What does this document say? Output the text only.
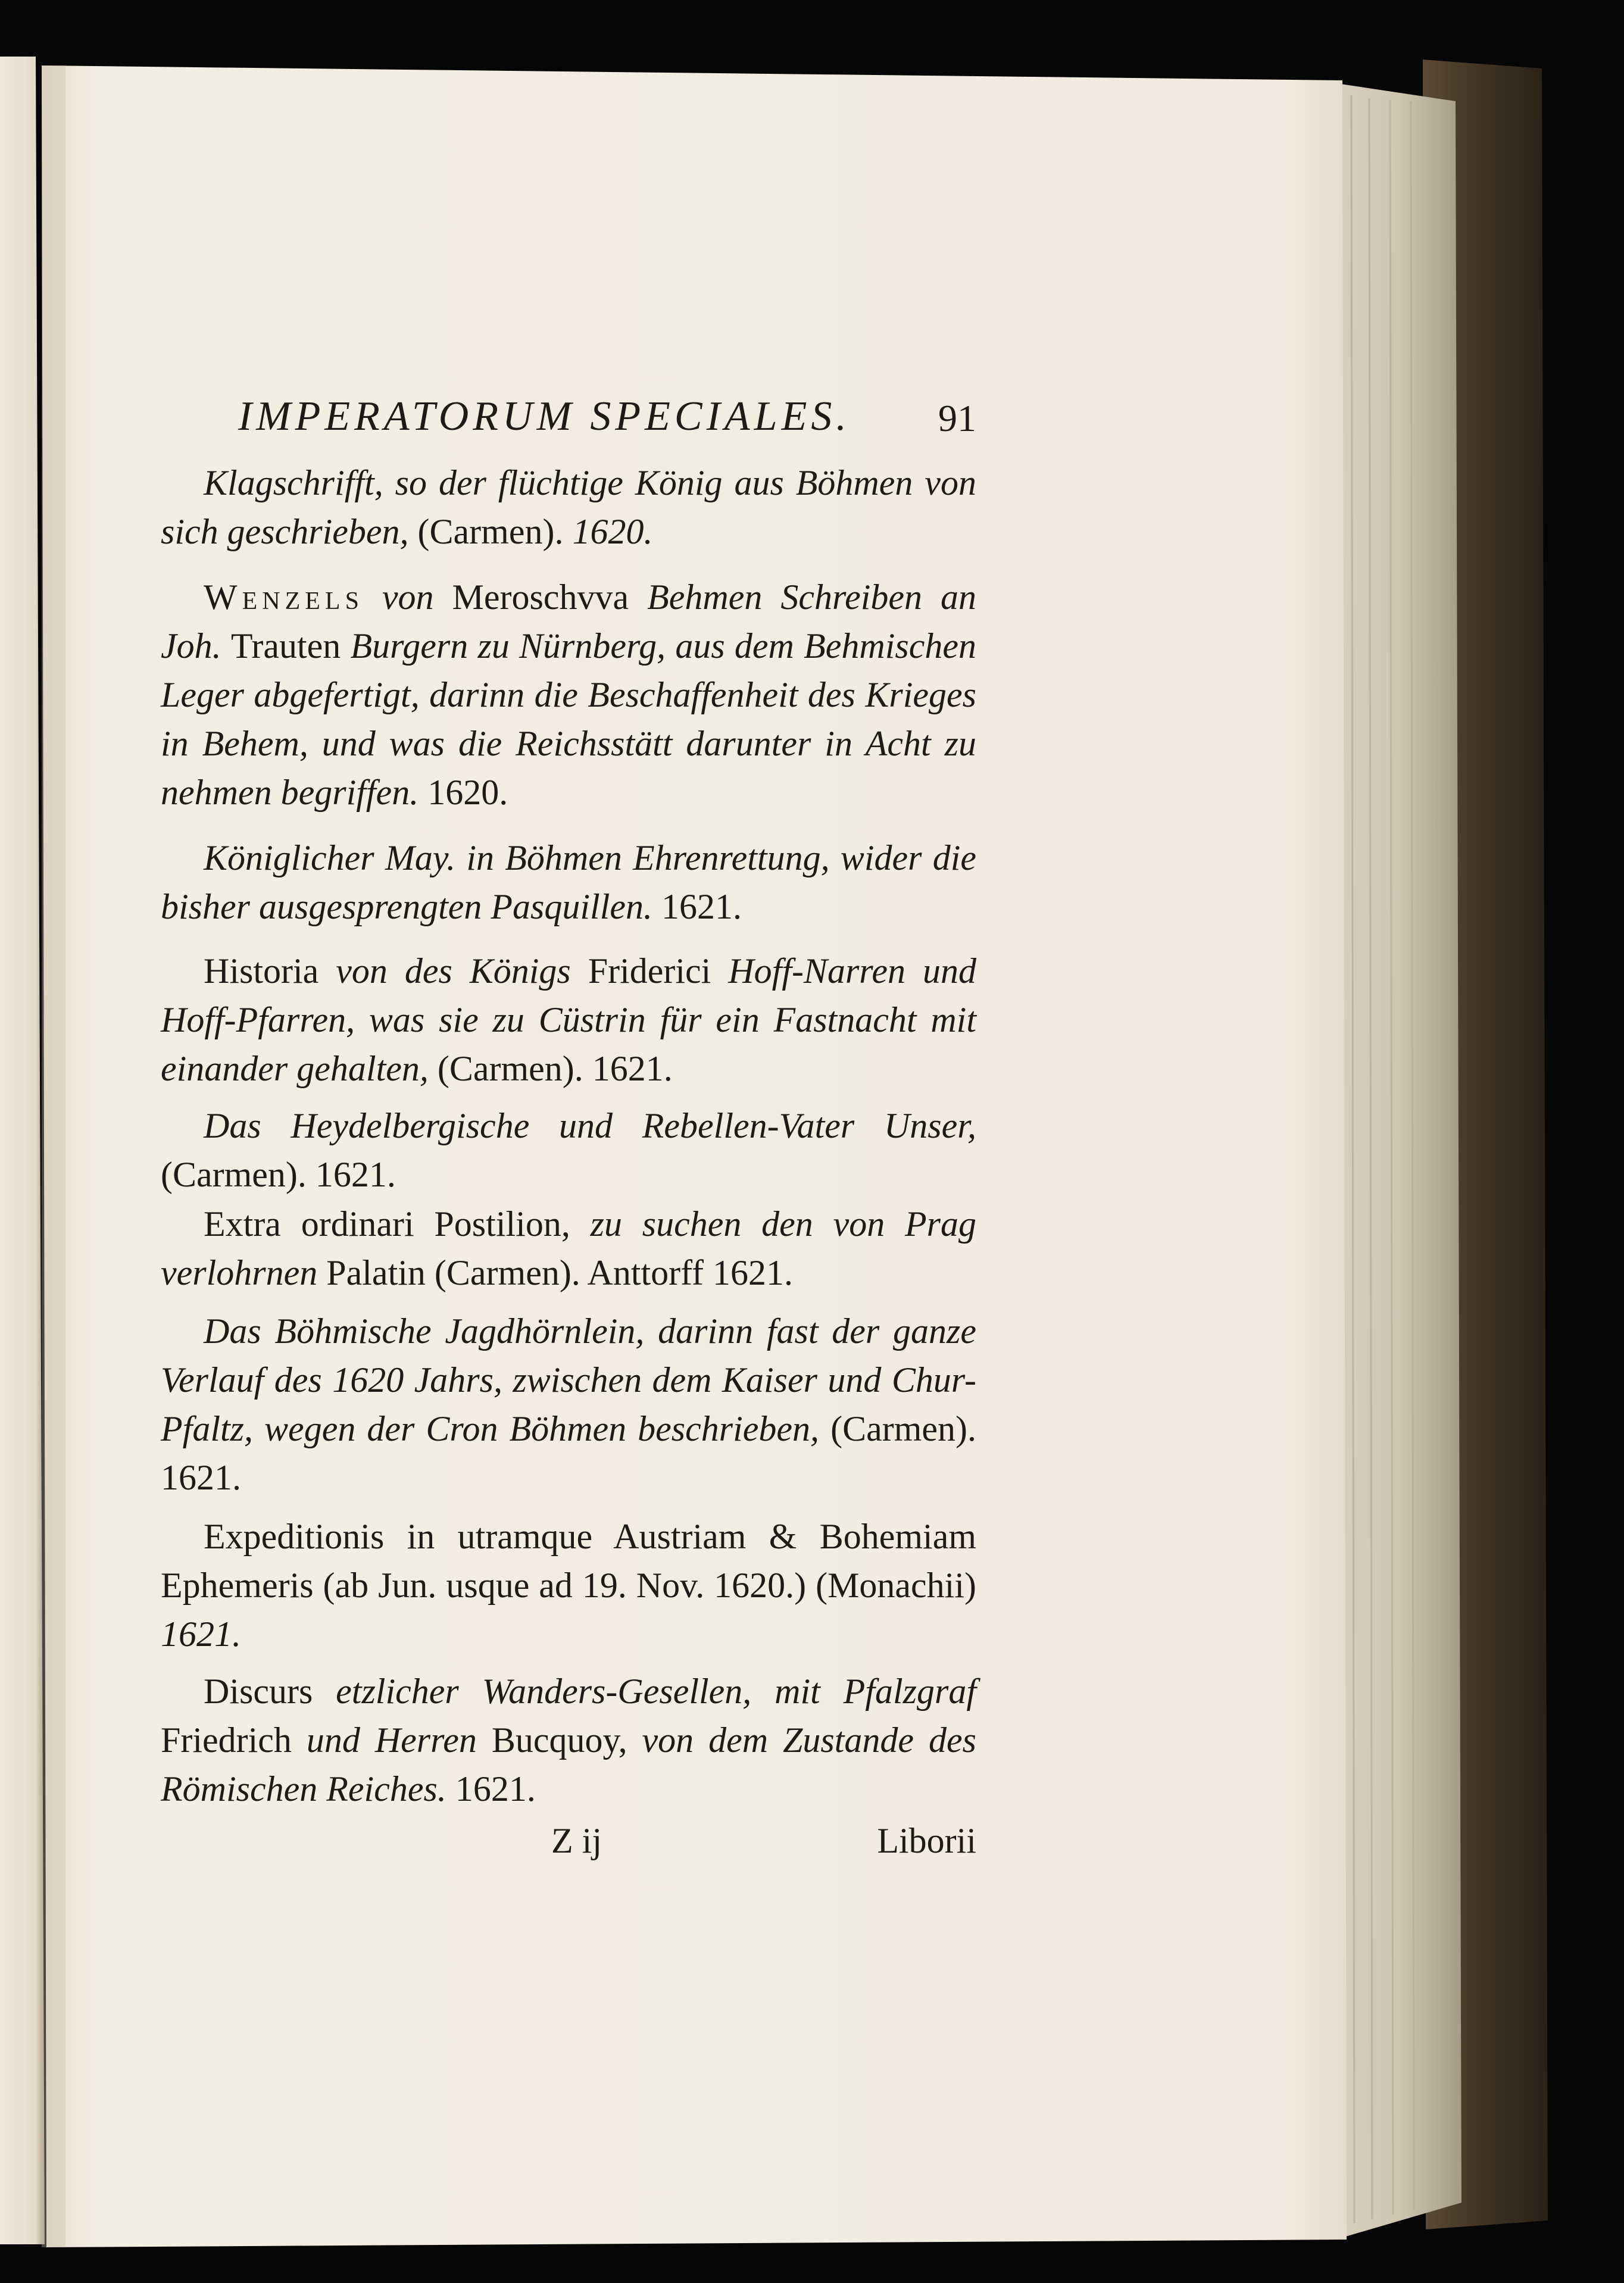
IMPERATORUM SPECIALES. 91

Klagschrifft, so der flüchtige König aus Böhmen von sich geschrieben, (Carmen). 1620.

Wenzels von Meroschvva Behmen Schreiben an Joh. Trauten Burgern zu Nürnberg, aus dem Behmischen Leger abgefertigt, darinn die Beschaffenheit des Krieges in Behem, und was die Reichsstätt darunter in Acht zu nehmen begriffen. 1620.

Königlicher May. in Böhmen Ehrenrettung, wider die bisher ausgesprengten Pasquillen. 1621.

Historia von des Königs Friderici Hoff-Narren und Hoff-Pfarren, was sie zu Cüstrin für ein Fastnacht mit einander gehalten, (Carmen). 1621.

Das Heydelbergische und Rebellen-Vater Unser, (Carmen). 1621.

Extra ordinari Postilion, zu suchen den von Prag verlohrnen Palatin (Carmen). Anttorff 1621.

Das Böhmische Jagdhörnlein, darinn fast der ganze Verlauf des 1620 Jahrs, zwischen dem Kaiser und Chur-Pfaltz, wegen der Cron Böhmen beschrieben, (Carmen). 1621.

Expeditionis in utramque Austriam & Bohemiam Ephemeris (ab Jun. usque ad 19. Nov. 1620.) (Monachii) 1621.

Discurs etzlicher Wanders-Gesellen, mit Pfalzgraf Friedrich und Herren Bucquoy, von dem Zustande des Römischen Reiches. 1621.

Z ij	Liborii
